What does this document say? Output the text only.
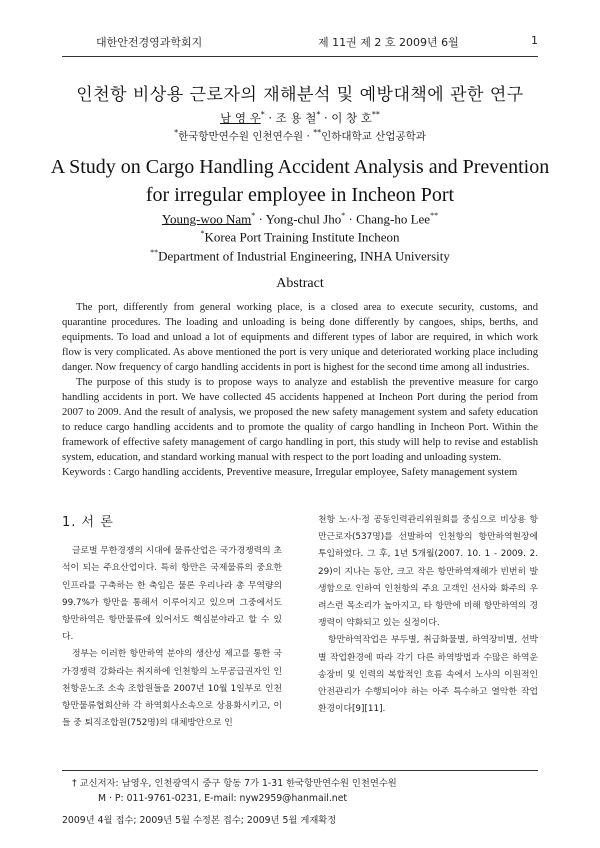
대한안전경영과학회지	제 11권 제 2 호 2009년 6월	1
인천항 비상용 근로자의 재해분석 및 예방대책에 관한 연구
남 영 우* · 조 용 철* · 이 창 호**
*한국항만연수원 인천연수원 · **인하대학교 산업공학과
A Study on Cargo Handling Accident Analysis and Prevention
for irregular employee in Incheon Port
Young-woo Nam* · Yong-chul Jho* · Chang-ho Lee**
*Korea Port Training Institute Incheon
**Department of Industrial Engineering, INHA University
Abstract

The port, differently from general working place, is a closed area to execute security, customs, and quarantine procedures. The loading and unloading is being done differently by cangoes, ships, berths, and equipments. To load and unload a lot of equipments and different types of labor are required, in which work flow is very complicated. As above mentioned the port is very unique and deteriorated working place including danger. Now frequency of cargo handling accidents in port is highest for the second time among all industries.

The purpose of this study is to propose ways to analyze and establish the preventive measure for cargo handling accidents in port. We have collected 45 accidents happened at Incheon Port during the period from 2007 to 2009. And the result of analysis, we proposed the new safety management system and safety education to reduce cargo handling accidents and to promote the quality of cargo handling in Incheon Port. Within the framework of effective safety management of cargo handling in port, this study will help to revise and establish system, education, and standard working manual with respect to the port loading and unloading system.

Keywords : Cargo handling accidents, Preventive measure, Irregular employee, Safety management system

1. 서 론

글로벌 무한경쟁의 시대에 물류산업은 국가경쟁력의 초석이 되는 주요산업이다. 특히 항만은 국제물류의 중요한 인프라를 구축하는 한 축임은 물론 우리나라 총 무역량의 99.7%가 항만을 통해서 이루어지고 있으며 그중에서도 항만하역은 항만물류에 있어서도 핵심분야라고 할 수 있다.

정부는 이러한 항만하역 분야의 생산성 제고를 통한 국가경쟁력 강화라는 취지하에 인천항의 노무공급권자인 인천항운노조 소속 조합원들을 2007년 10월 1일부로 인천항만물류협회산하 각 하역회사소속으로 상용화시키고, 이들 중 퇴직조합원(752명)의 대체방안으로 인

천항 노·사·정 공동인력관리위원회를 중심으로 비상용 항만근로자(537명)를 선발하여 인천항의 항만하역현장에 투입하였다. 그 후, 1년 5개월(2007. 10. 1 - 2009. 2. 29)이 지나는 동안, 크고 작은 항만하역재해가 빈번히 발생함으로 인하여 인천항의 주요 고객인 선사와 화주의 우려스런 목소리가 높아지고, 타 항만에 비해 항만하역의 경쟁력이 약화되고 있는 실정이다.

항만하역작업은 부두별, 취급화물별, 하역장비별, 선박별 작업환경에 따라 각기 다른 하역방법과 수많은 하역운송장비 및 인력의 복합적인 흐름 속에서 노사의 이원적인 안전관리가 수행되어야 하는 아주 특수하고 열악한 작업 환경이다[9][11].

† 교신저자: 남영우, 인천광역시 중구 항동 7가 1-31 한국항만연수원 인천연수원
M · P: 011-9761-0231, E-mail: nyw2959@hanmail.net
2009년 4월 접수; 2009년 5월 수정본 접수; 2009년 5월 게재확정
